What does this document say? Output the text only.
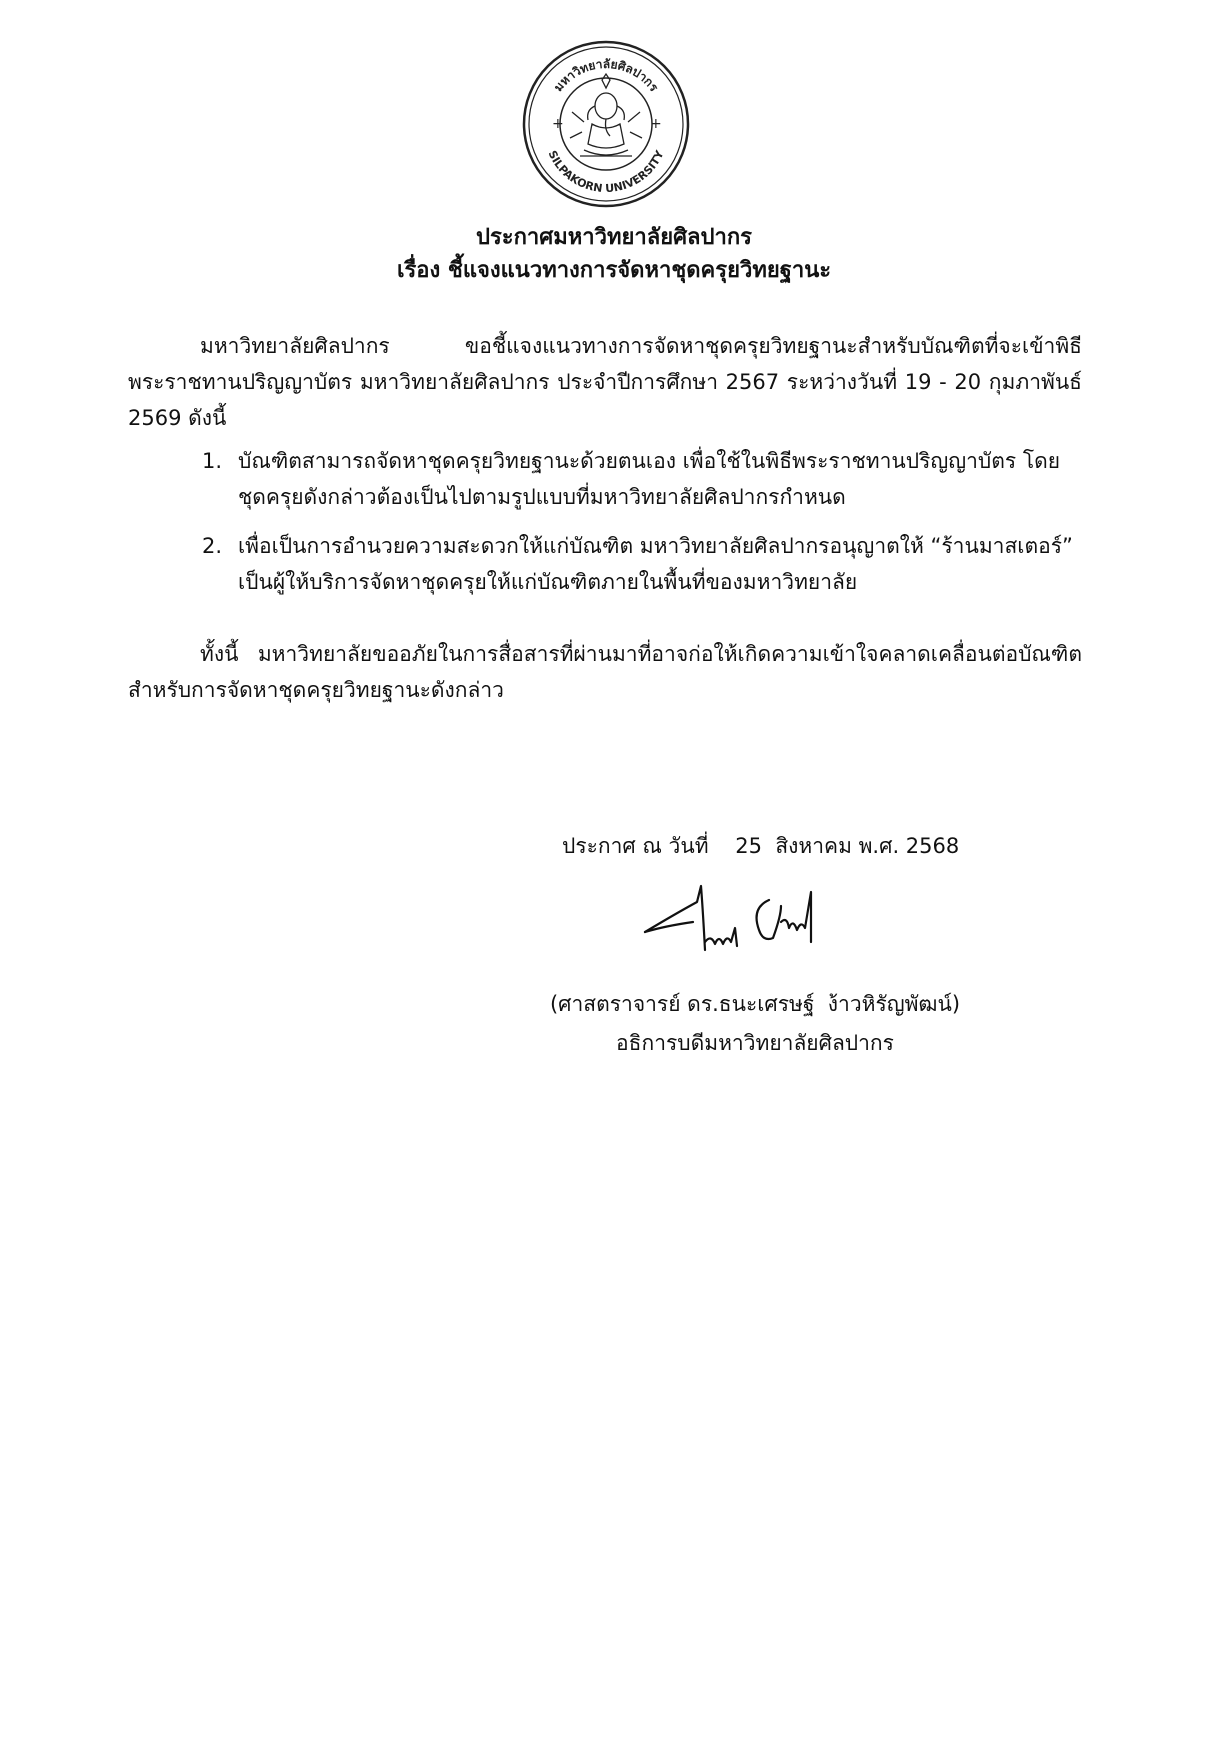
มหาวิทยาลัยศิลปากร
SILPAKORN UNIVERSITY
+	+
ประกาศมหาวิทยาลัยศิลปากร
เรื่อง ชี้แจงแนวทางการจัดหาชุดครุยวิทยฐานะ
มหาวิทยาลัยศิลปากร ขอชี้แจงแนวทางการจัดหาชุดครุยวิทยฐานะสำหรับบัณฑิตที่จะเข้าพิธีพระราชทานปริญญาบัตร มหาวิทยาลัยศิลปากร ประจำปีการศึกษา 2567 ระหว่างวันที่ 19 - 20 กุมภาพันธ์ 2569 ดังนี้
1. บัณฑิตสามารถจัดหาชุดครุยวิทยฐานะด้วยตนเอง เพื่อใช้ในพิธีพระราชทานปริญญาบัตร โดยชุดครุยดังกล่าวต้องเป็นไปตามรูปแบบที่มหาวิทยาลัยศิลปากรกำหนด
2. เพื่อเป็นการอำนวยความสะดวกให้แก่บัณฑิต มหาวิทยาลัยศิลปากรอนุญาตให้ “ร้านมาสเตอร์” เป็นผู้ให้บริการจัดหาชุดครุยให้แก่บัณฑิตภายในพื้นที่ของมหาวิทยาลัย
ทั้งนี้ มหาวิทยาลัยขออภัยในการสื่อสารที่ผ่านมาที่อาจก่อให้เกิดความเข้าใจคลาดเคลื่อนต่อบัณฑิต สำหรับการจัดหาชุดครุยวิทยฐานะดังกล่าว
ประกาศ ณ วันที่    25  สิงหาคม พ.ศ. 2568
(ศาสตราจารย์ ดร.ธนะเศรษฐ์  ง้าวหิรัญพัฒน์)
อธิการบดีมหาวิทยาลัยศิลปากร
